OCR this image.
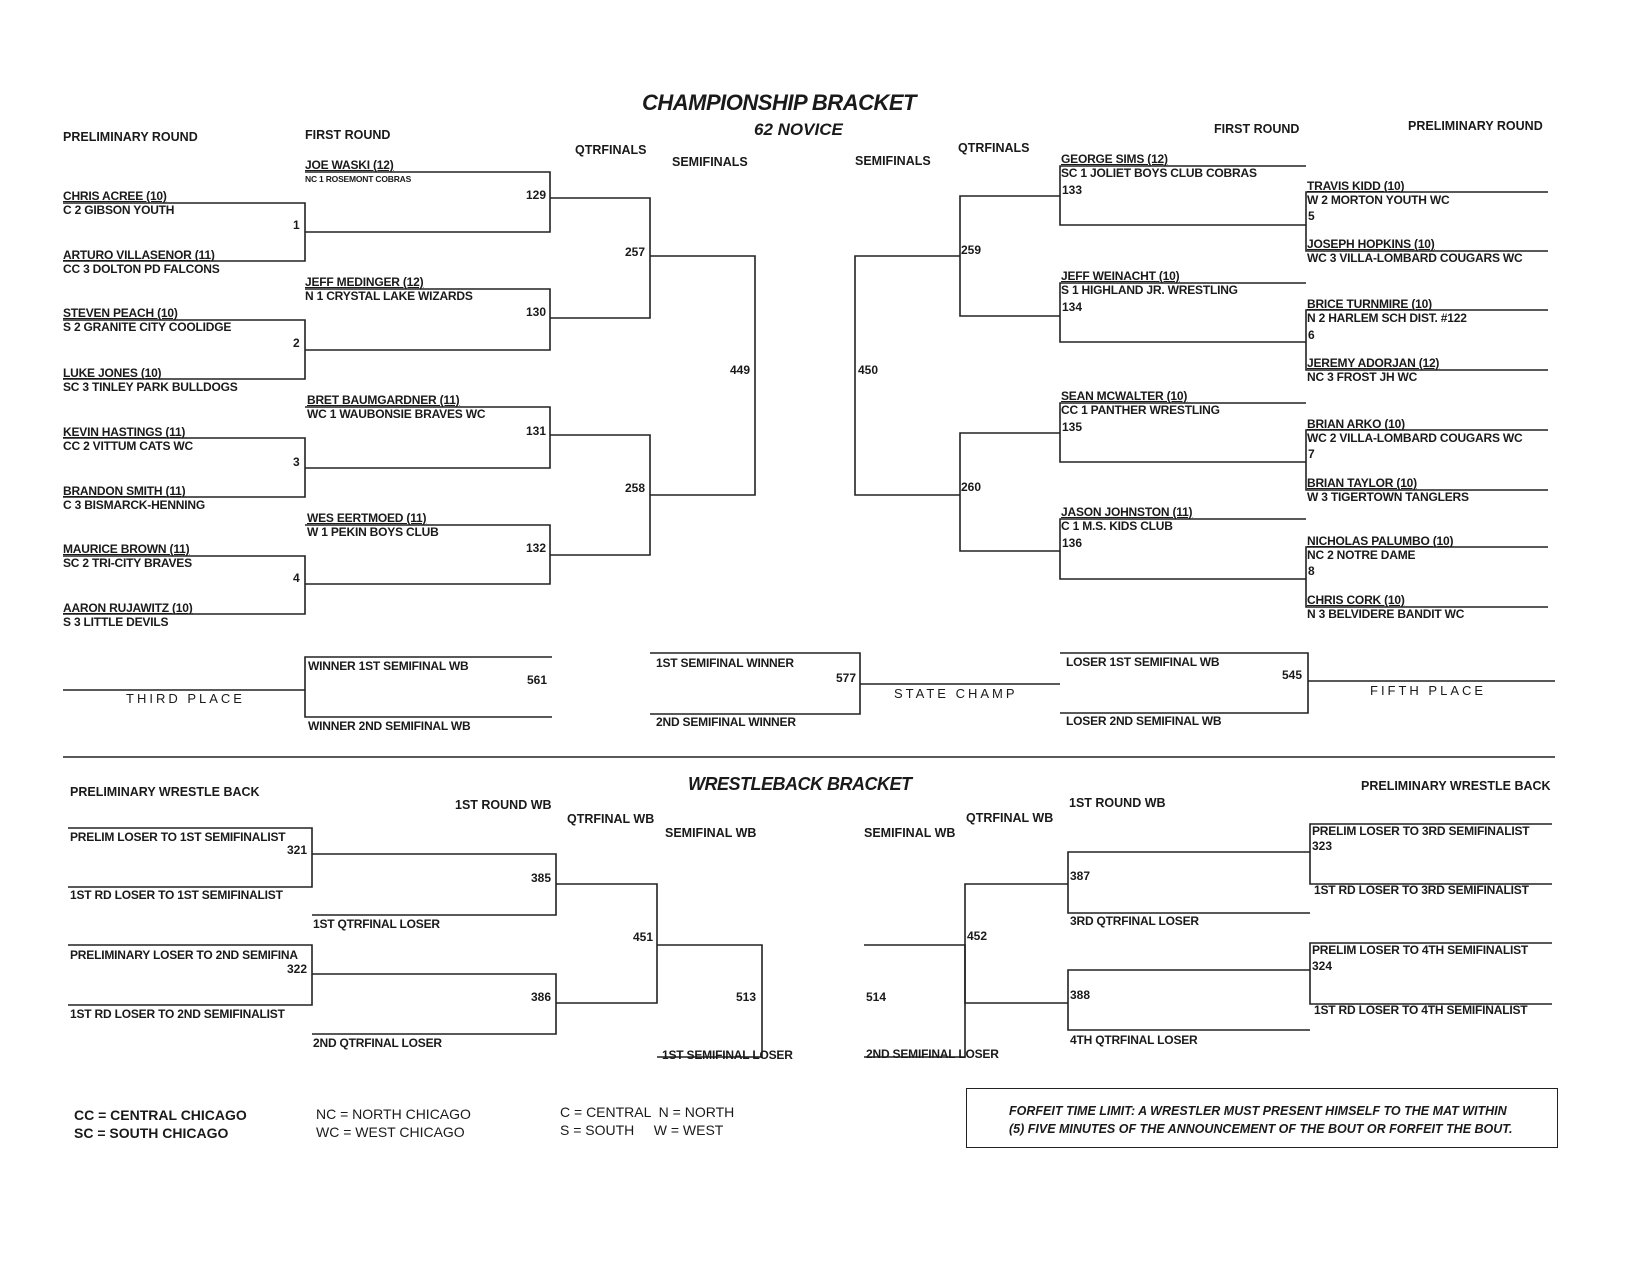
CHAMPIONSHIP BRACKET
62 NOVICE
PRELIMINARY ROUND	FIRST ROUND
QTRFINALS
SEMIFINALS	SEMIFINALS
QTRFINALS
FIRST ROUND	PRELIMINARY ROUND
CHRIS ACREE (10)
C 2 GIBSON YOUTH
ARTURO VILLASENOR (11)
CC 3 DOLTON PD FALCONS
STEVEN PEACH (10)
S 2 GRANITE CITY COOLIDGE
LUKE JONES (10)
SC 3 TINLEY PARK BULLDOGS
KEVIN HASTINGS (11)
CC 2 VITTUM CATS WC
BRANDON SMITH (11)
C 3 BISMARCK-HENNING
MAURICE BROWN (11)
SC 2 TRI-CITY BRAVES
AARON RUJAWITZ (10)
S 3 LITTLE DEVILS
JOE WASKI (12)
NC 1 ROSEMONT COBRAS
JEFF MEDINGER (12)
N 1 CRYSTAL LAKE WIZARDS
BRET BAUMGARDNER (11)
WC 1 WAUBONSIE BRAVES WC
WES EERTMOED (11)
W 1 PEKIN BOYS CLUB
1
2
3
4
129
130
131
132
257
258
449	450
259
260
133
134
135
136
5
6
7
8
GEORGE SIMS (12)
SC 1 JOLIET BOYS CLUB COBRAS
JEFF WEINACHT (10)
S 1 HIGHLAND JR. WRESTLING
SEAN MCWALTER (10)
CC 1 PANTHER WRESTLING
JASON JOHNSTON (11)
C 1 M.S. KIDS CLUB
TRAVIS KIDD (10)
W 2 MORTON YOUTH WC
JOSEPH HOPKINS (10)
WC 3 VILLA-LOMBARD COUGARS WC
BRICE TURNMIRE (10)
N 2 HARLEM SCH DIST. #122
JEREMY ADORJAN (12)
NC 3 FROST JH WC
BRIAN ARKO (10)
WC 2 VILLA-LOMBARD COUGARS WC
BRIAN TAYLOR (10)
W 3 TIGERTOWN TANGLERS
NICHOLAS PALUMBO (10)
NC 2 NOTRE DAME
CHRIS CORK (10)
N 3 BELVIDERE BANDIT WC
WINNER 1ST SEMIFINAL WB
561
WINNER 2ND SEMIFINAL WB
THIRD PLACE
1ST SEMIFINAL WINNER
577
2ND SEMIFINAL WINNER
STATE CHAMP
LOSER 1ST SEMIFINAL WB
545
LOSER 2ND SEMIFINAL WB
FIFTH PLACE
WRESTLEBACK BRACKET
PRELIMINARY WRESTLE BACK
1ST ROUND WB
QTRFINAL WB
SEMIFINAL WB	SEMIFINAL WB
QTRFINAL WB
1ST ROUND WB
PRELIMINARY WRESTLE BACK
PRELIM LOSER TO 1ST SEMIFINALIST
321
1ST RD LOSER TO 1ST SEMIFINALIST
PRELIMINARY LOSER TO 2ND SEMIFINA
322
1ST RD LOSER TO 2ND SEMIFINALIST
385
1ST QTRFINAL LOSER
386
2ND QTRFINAL LOSER
451
513
1ST SEMIFINAL LOSER
PRELIM LOSER TO 3RD SEMIFINALIST
323
1ST RD LOSER TO 3RD SEMIFINALIST
PRELIM LOSER TO 4TH SEMIFINALIST
324
1ST RD LOSER TO 4TH SEMIFINALIST
387
3RD QTRFINAL LOSER
388
4TH QTRFINAL LOSER
452
514
2ND SEMIFINAL LOSER
CC = CENTRAL CHICAGO
SC = SOUTH CHICAGO
NC = NORTH CHICAGO
WC = WEST CHICAGO
C = CENTRAL  N = NORTH
S = SOUTH     W = WEST
FORFEIT TIME LIMIT: A WRESTLER MUST PRESENT HIMSELF TO THE MAT WITHIN
(5) FIVE MINUTES OF THE ANNOUNCEMENT OF THE BOUT OR FORFEIT THE BOUT.
